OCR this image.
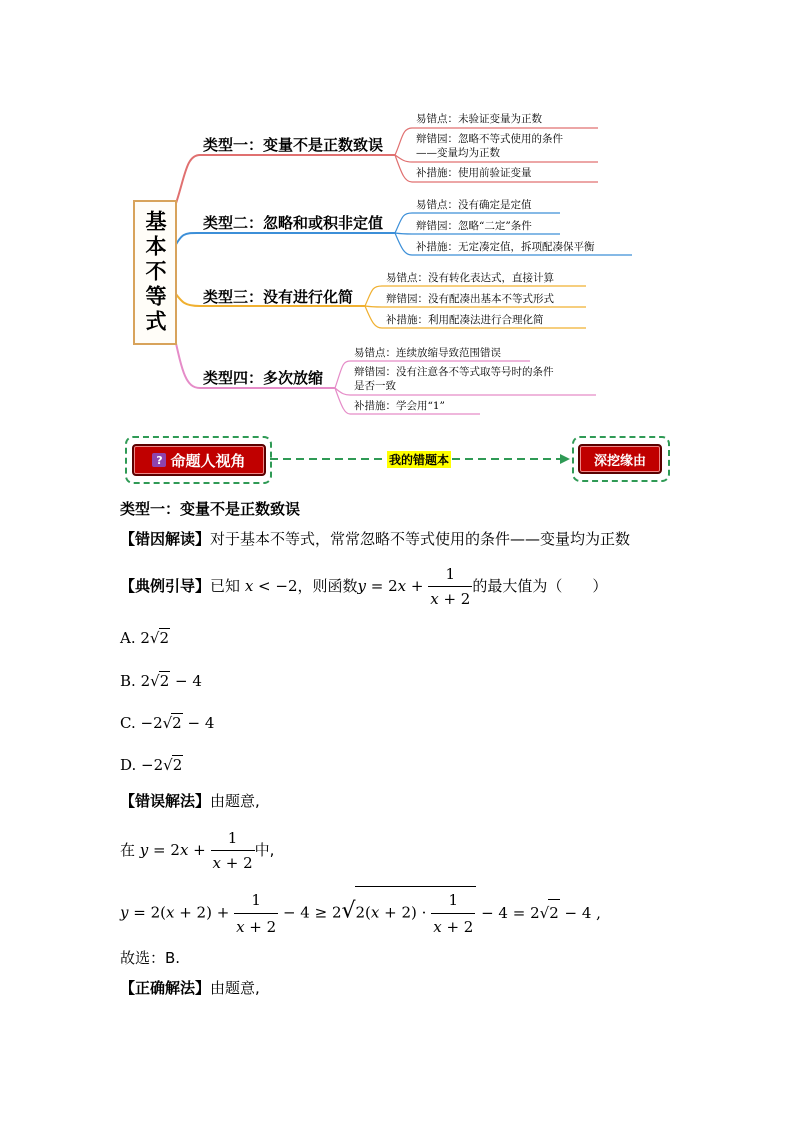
基本不等式
类型一：变量不是正数致误
类型二：忽略和或积非定值
类型三：没有进行化简
类型四：多次放缩
易错点：未验证变量为正数
辩错园：忽略不等式使用的条件
——变量均为正数
补措施：使用前验证变量
易错点：没有确定是定值
辩错园：忽略“二定”条件
补措施：无定凑定值，拆项配凑保平衡
易错点：没有转化表达式，直接计算
辩错园：没有配凑出基本不等式形式
补措施：利用配凑法进行合理化简
易错点：连续放缩导致范围错误
辩错园：没有注意各不等式取等号时的条件
是否一致
补措施：学会用“1”
? 命题人视角	我的错题本	深挖缘由
类型一：变量不是正数致误
【错因解读】对于基本不等式，常常忽略不等式使用的条件——变量均为正数
【典例引导】已知 x < −2，则函数$y = 2x + \frac{1}{x + 2}$ 的最大值为（　　）
A. 2√2
B. 2√2 − 4
C. −2√2 − 4
D. −2√2
【错误解法】由题意,
在 $y = 2x + \frac{1}{x + 2}$ 中,
$y = 2(x + 2) + \frac{1}{x + 2} - 4 \ge 2√2(x + 2) \cdot \frac{1}{x + 2} - 4 = 2√2 - 4$ ,
故选：B.
【正确解法】由题意,
